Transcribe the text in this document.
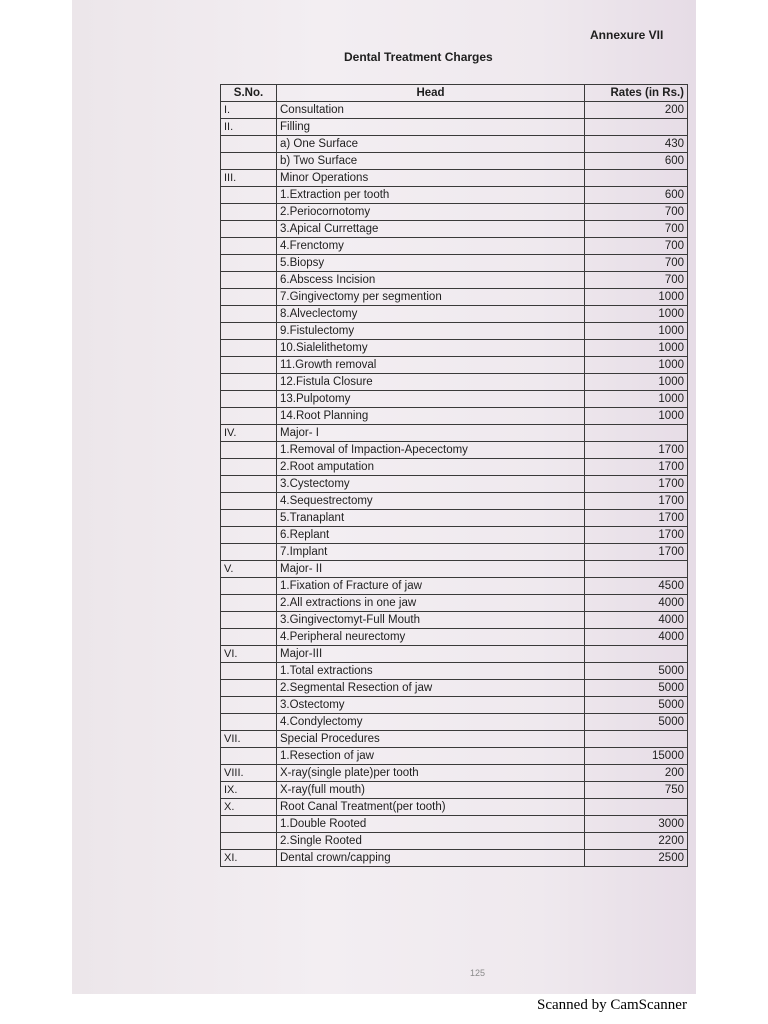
Annexure VII
Dental Treatment Charges
S.No.	Head	Rates (in Rs.)
I.	Consultation	200
II.	Filling	
	a) One Surface	430
	b) Two Surface	600
III.	Minor Operations	
	1.Extraction per tooth	600
	2.Periocornotomy	700
	3.Apical Currettage	700
	4.Frenctomy	700
	5.Biopsy	700
	6.Abscess Incision	700
	7.Gingivectomy per segmention	1000
	8.Alveclectomy	1000
	9.Fistulectomy	1000
	10.Sialelithetomy	1000
	11.Growth removal	1000
	12.Fistula Closure	1000
	13.Pulpotomy	1000
	14.Root Planning	1000
IV.	Major- I	
	1.Removal of Impaction-Apecectomy	1700
	2.Root amputation	1700
	3.Cystectomy	1700
	4.Sequestrectomy	1700
	5.Tranaplant	1700
	6.Replant	1700
	7.Implant	1700
V.	Major- II	
	1.Fixation of Fracture of jaw	4500
	2.All extractions in one jaw	4000
	3.Gingivectomyt-Full Mouth	4000
	4.Peripheral neurectomy	4000
VI.	Major-III	
	1.Total extractions	5000
	2.Segmental Resection of jaw	5000
	3.Ostectomy	5000
	4.Condylectomy	5000
VII.	Special Procedures	
	1.Resection of jaw	15000
VIII.	X-ray(single plate)per tooth	200
IX.	X-ray(full mouth)	750
X.	Root Canal Treatment(per tooth)	
	1.Double Rooted	3000
	2.Single Rooted	2200
XI.	Dental crown/capping	2500
125
Scanned by CamScanner
